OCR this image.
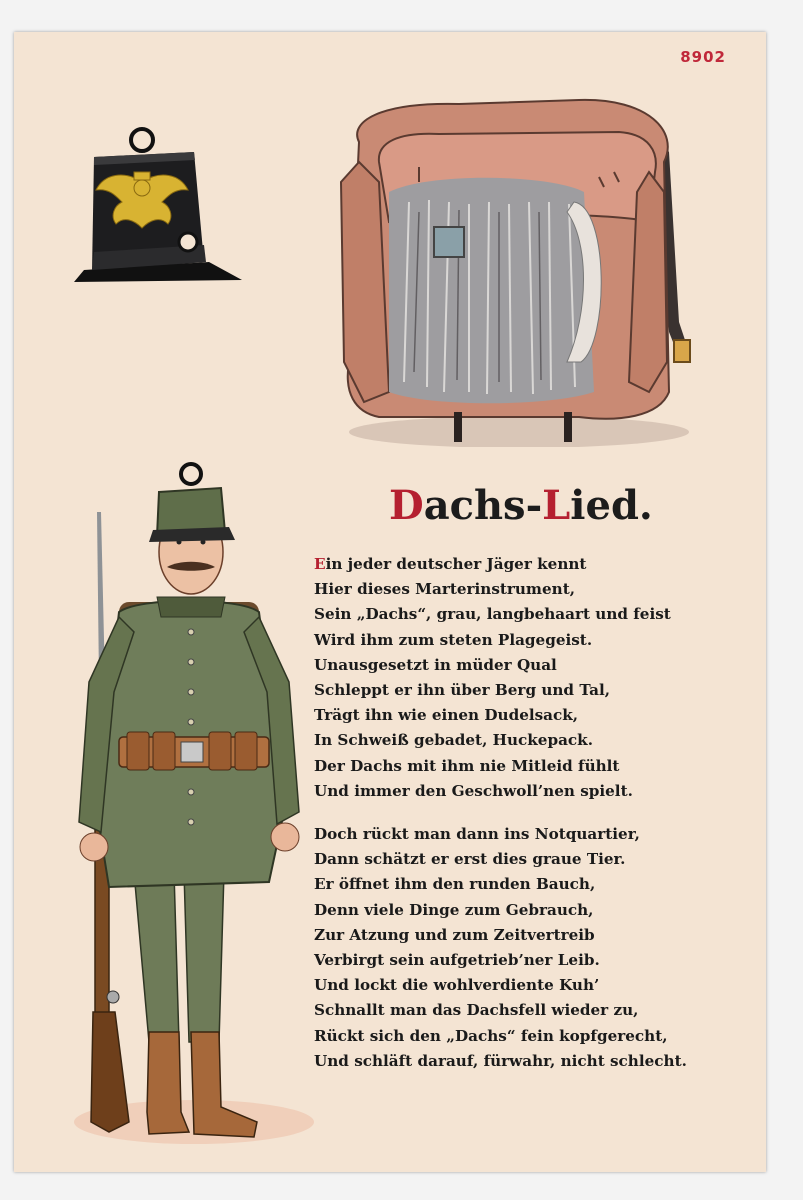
8902
Dachs-Lied.
Ein jeder deutscher Jäger kennt
Hier dieses Marterinstrument,
Sein „Dachs“, grau, langbehaart und feist
Wird ihm zum steten Plagegeist.
Unausgesetzt in müder Qual
Schleppt er ihn über Berg und Tal,
Trägt ihn wie einen Dudelsack,
In Schweiß gebadet, Huckepack.
Der Dachs mit ihm nie Mitleid fühlt
Und immer den Geschwoll’nen spielt.
Doch rückt man dann ins Notquartier,
Dann schätzt er erst dies graue Tier.
Er öffnet ihm den runden Bauch,
Denn viele Dinge zum Gebrauch,
Zur Atzung und zum Zeitvertreib
Verbirgt sein aufgetrieb’ner Leib.
Und lockt die wohlverdiente Kuh’
Schnallt man das Dachsfell wieder zu,
Rückt sich den „Dachs“ fein kopfgerecht,
Und schläft darauf, fürwahr, nicht schlecht.
